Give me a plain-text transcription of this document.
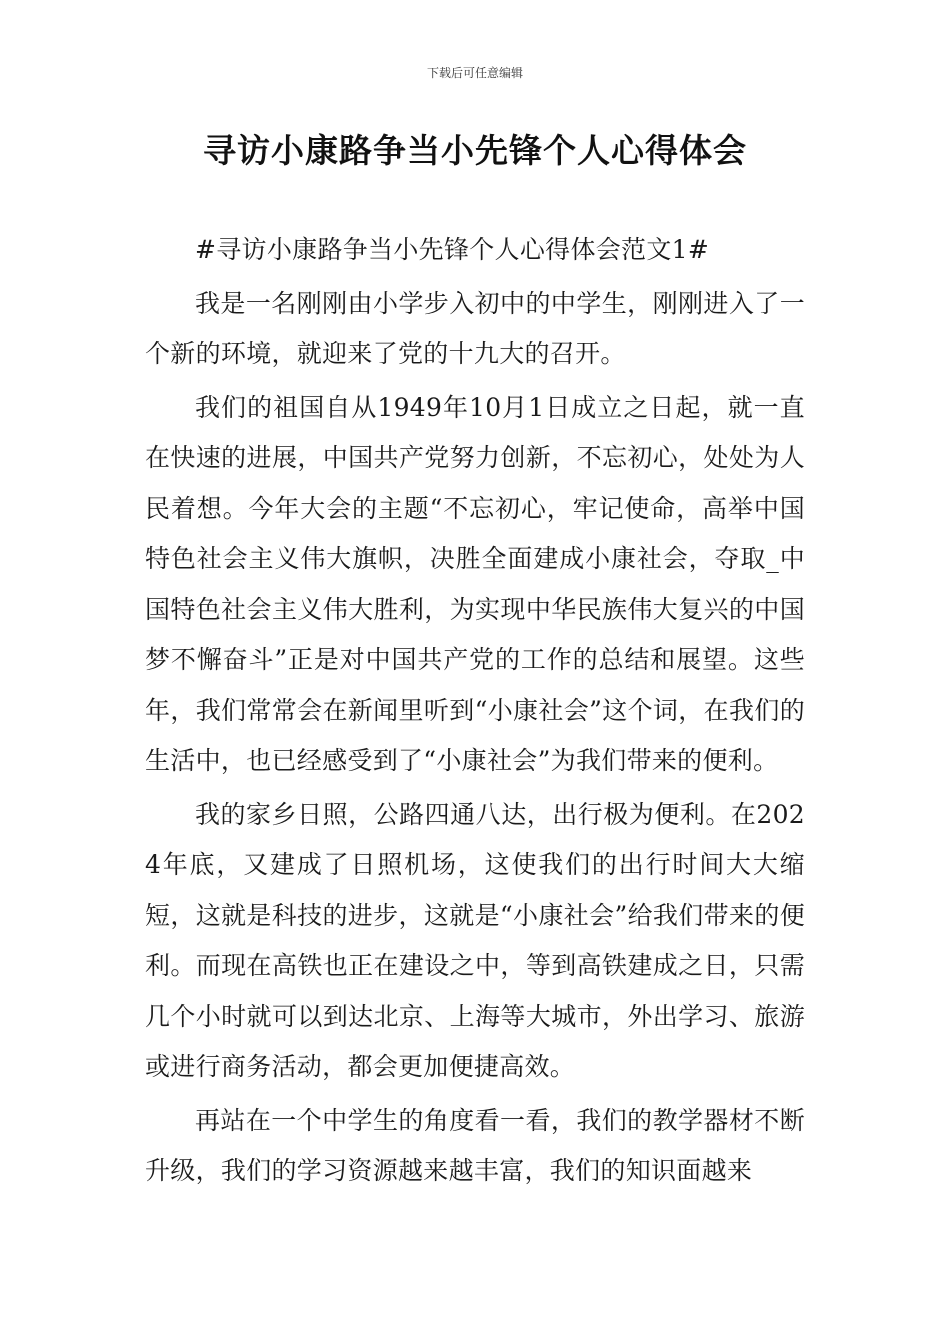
下载后可任意编辑
寻访小康路争当小先锋个人心得体会

#寻访小康路争当小先锋个人心得体会范文1#

我是一名刚刚由小学步入初中的中学生，刚刚进入了一个新的环境，就迎来了党的十九大的召开。

我们的祖国自从1949年10月1日成立之日起，就一直在快速的进展，中国共产党努力创新，不忘初心，处处为人民着想。今年大会的主题“不忘初心，牢记使命，高举中国特色社会主义伟大旗帜，决胜全面建成小康社会，夺取_中国特色社会主义伟大胜利，为实现中华民族伟大复兴的中国梦不懈奋斗”正是对中国共产党的工作的总结和展望。这些年，我们常常会在新闻里听到“小康社会”这个词，在我们的生活中，也已经感受到了“小康社会”为我们带来的便利。

我的家乡日照，公路四通八达，出行极为便利。在2024年底，又建成了日照机场，这使我们的出行时间大大缩短，这就是科技的进步，这就是“小康社会”给我们带来的便利。而现在高铁也正在建设之中，等到高铁建成之日，只需几个小时就可以到达北京、上海等大城市，外出学习、旅游或进行商务活动，都会更加便捷高效。

再站在一个中学生的角度看一看，我们的教学器材不断升级，我们的学习资源越来越丰富，我们的知识面越来
